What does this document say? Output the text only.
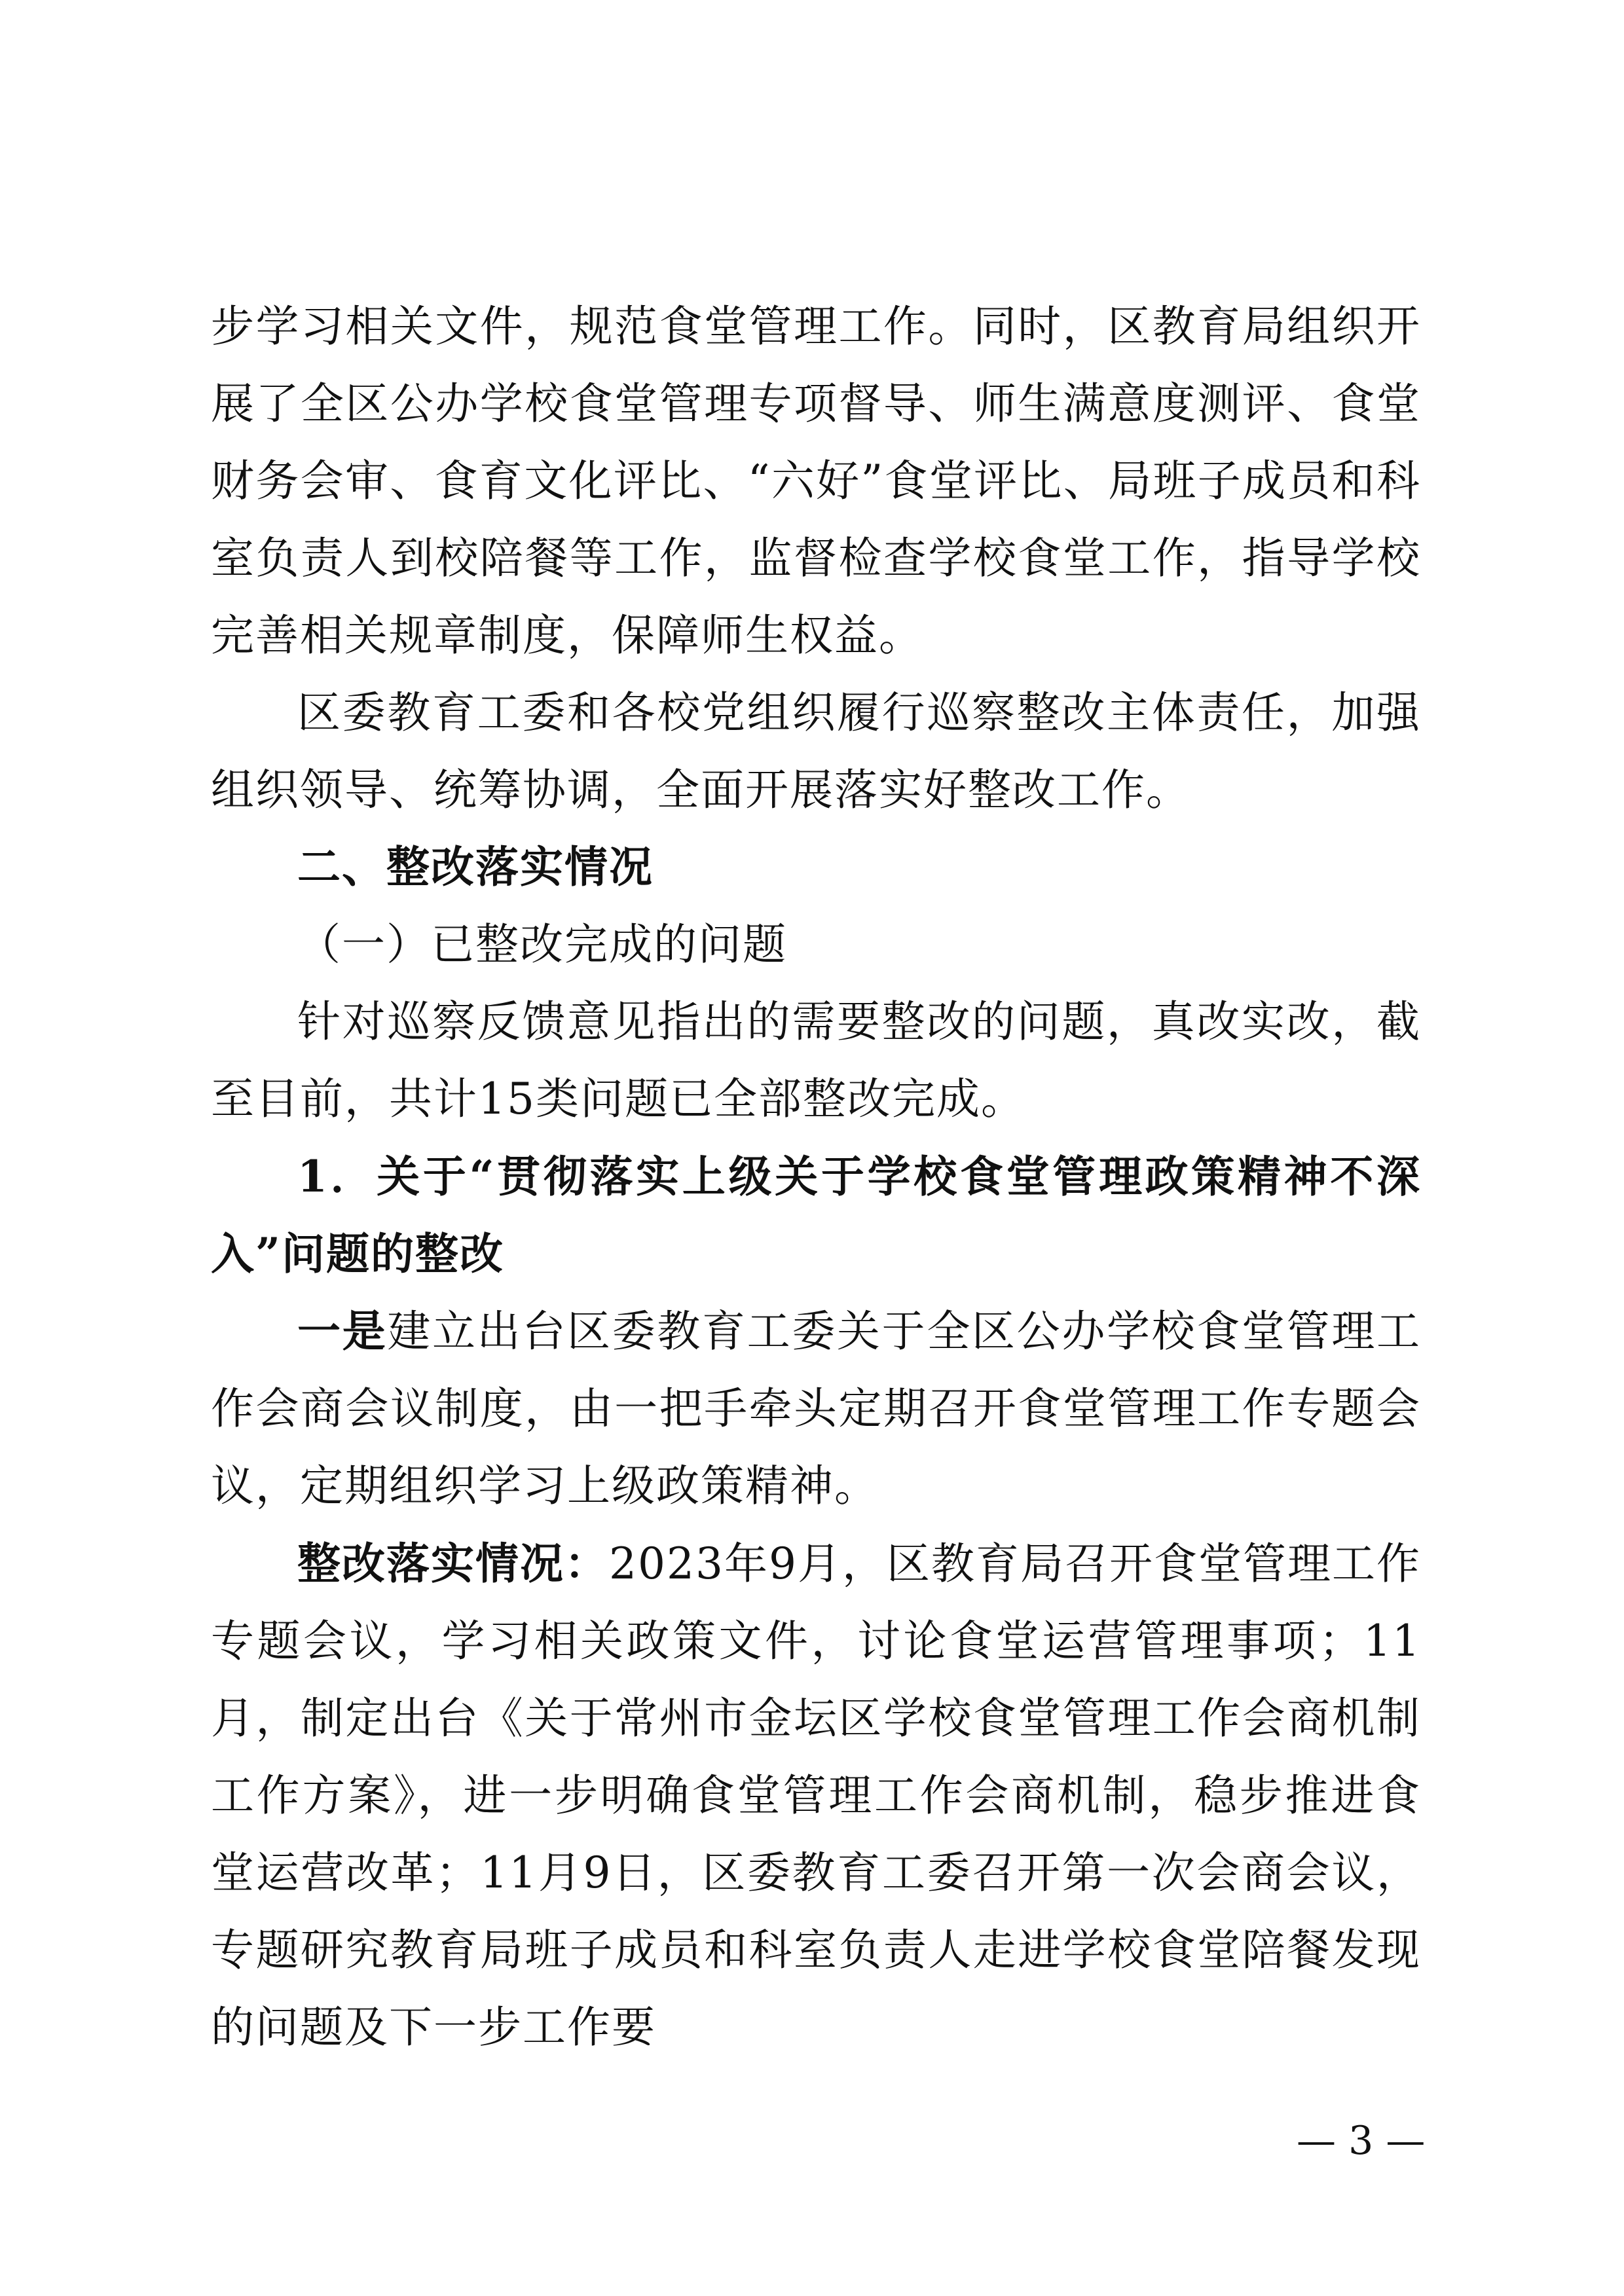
步学习相关文件，规范食堂管理工作。同时，区教育局组织开展了全区公办学校食堂管理专项督导、师生满意度测评、食堂财务会审、食育文化评比、“六好”食堂评比、局班子成员和科室负责人到校陪餐等工作，监督检查学校食堂工作，指导学校完善相关规章制度，保障师生权益。

区委教育工委和各校党组织履行巡察整改主体责任，加强组织领导、统筹协调，全面开展落实好整改工作。

二、整改落实情况

（一）已整改完成的问题

针对巡察反馈意见指出的需要整改的问题，真改实改，截至目前，共计15类问题已全部整改完成。

1．关于“贯彻落实上级关于学校食堂管理政策精神不深入”问题的整改

一是建立出台区委教育工委关于全区公办学校食堂管理工作会商会议制度，由一把手牵头定期召开食堂管理工作专题会议，定期组织学习上级政策精神。

整改落实情况：2023年9月，区教育局召开食堂管理工作专题会议，学习相关政策文件，讨论食堂运营管理事项；11月，制定出台《关于常州市金坛区学校食堂管理工作会商机制工作方案》，进一步明确食堂管理工作会商机制，稳步推进食堂运营改革；11月9日，区委教育工委召开第一次会商会议，专题研究教育局班子成员和科室负责人走进学校食堂陪餐发现的问题及下一步工作要

— 3 —
